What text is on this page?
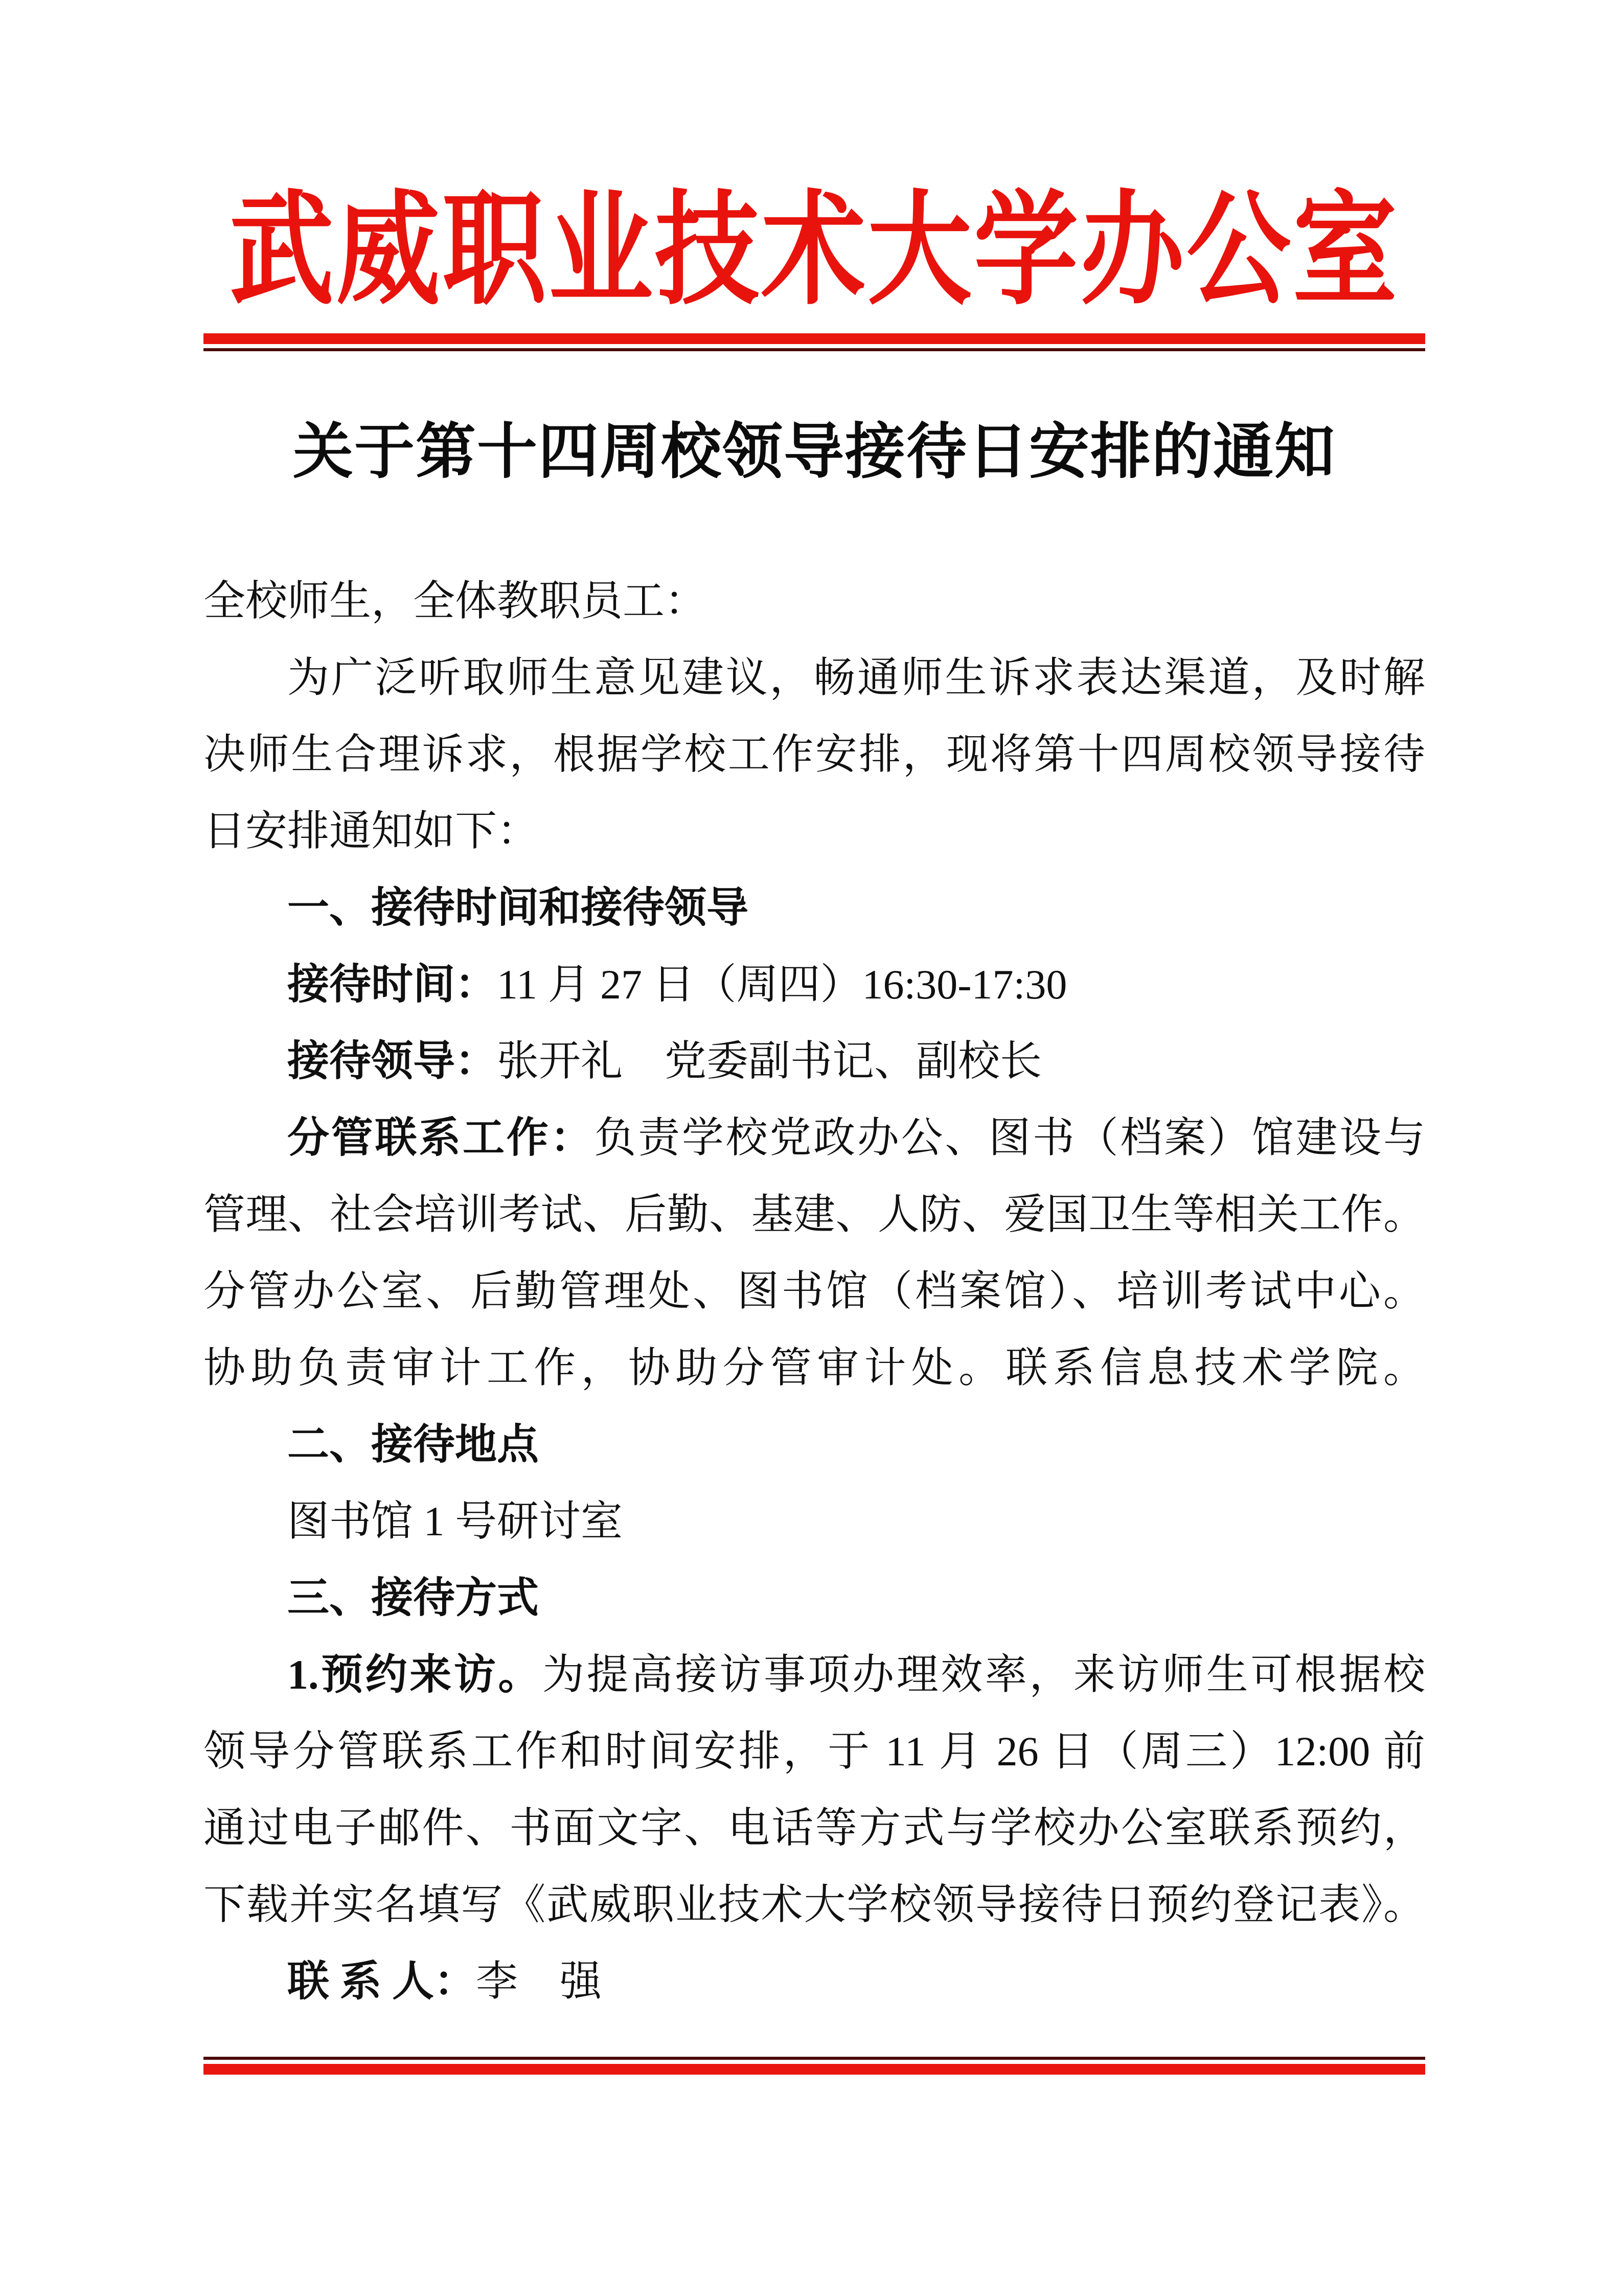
武威职业技术大学办公室
关于第十四周校领导接待日安排的通知
全校师生，全体教职员工：
为广泛听取师生意见建议，畅通师生诉求表达渠道，及时解
决师生合理诉求，根据学校工作安排，现将第十四周校领导接待
日安排通知如下：
一、接待时间和接待领导
接待时间：11 月 27 日（周四）16:30-17:30
接待领导：张开礼　党委副书记、副校长
分管联系工作：负责学校党政办公、图书（档案）馆建设与
管理、社会培训考试、后勤、基建、人防、爱国卫生等相关工作。
分管办公室、后勤管理处、图书馆（档案馆）、培训考试中心。
协助负责审计工作，协助分管审计处。联系信息技术学院。
二、接待地点
图书馆 1 号研讨室
三、接待方式
1.预约来访。为提高接访事项办理效率，来访师生可根据校
领导分管联系工作和时间安排，于 11 月 26 日（周三）12:00 前
通过电子邮件、书面文字、电话等方式与学校办公室联系预约，
下载并实名填写《武威职业技术大学校领导接待日预约登记表》。
联 系 人：李　强
